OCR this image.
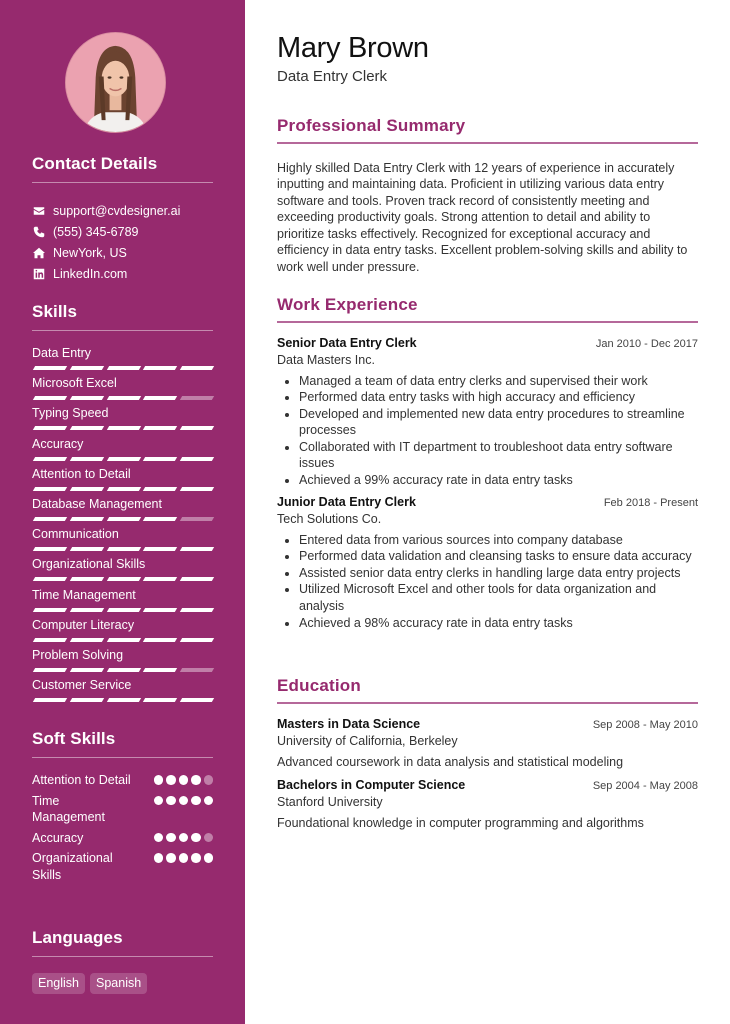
Contact Details
support@cvdesigner.ai
(555) 345-6789
NewYork, US
LinkedIn.com
Skills
Data Entry
Microsoft Excel
Typing Speed
Accuracy
Attention to Detail
Database Management
Communication
Organizational Skills
Time Management
Computer Literacy
Problem Solving
Customer Service
Soft Skills
Attention to Detail
Time Management
Accuracy
Organizational Skills
Languages
English	Spanish
Mary Brown
Data Entry Clerk
Professional Summary

Highly skilled Data Entry Clerk with 12 years of experience in accurately inputting and maintaining data. Proficient in utilizing various data entry software and tools. Proven track record of consistently meeting and exceeding productivity goals. Strong attention to detail and ability to prioritize tasks effectively. Recognized for exceptional accuracy and efficiency in data entry tasks. Excellent problem-solving skills and ability to work well under pressure.

Work Experience
Senior Data Entry Clerk	Jan 2010 - Dec 2017
Data Masters Inc.
• Managed a team of data entry clerks and supervised their work
• Performed data entry tasks with high accuracy and efficiency
• Developed and implemented new data entry procedures to streamline processes
• Collaborated with IT department to troubleshoot data entry software issues
• Achieved a 99% accuracy rate in data entry tasks
Junior Data Entry Clerk	Feb 2018 - Present
Tech Solutions Co.
• Entered data from various sources into company database
• Performed data validation and cleansing tasks to ensure data accuracy
• Assisted senior data entry clerks in handling large data entry projects
• Utilized Microsoft Excel and other tools for data organization and analysis
• Achieved a 98% accuracy rate in data entry tasks
Education
Masters in Data Science	Sep 2008 - May 2010
University of California, Berkeley
Advanced coursework in data analysis and statistical modeling
Bachelors in Computer Science	Sep 2004 - May 2008
Stanford University
Foundational knowledge in computer programming and algorithms
